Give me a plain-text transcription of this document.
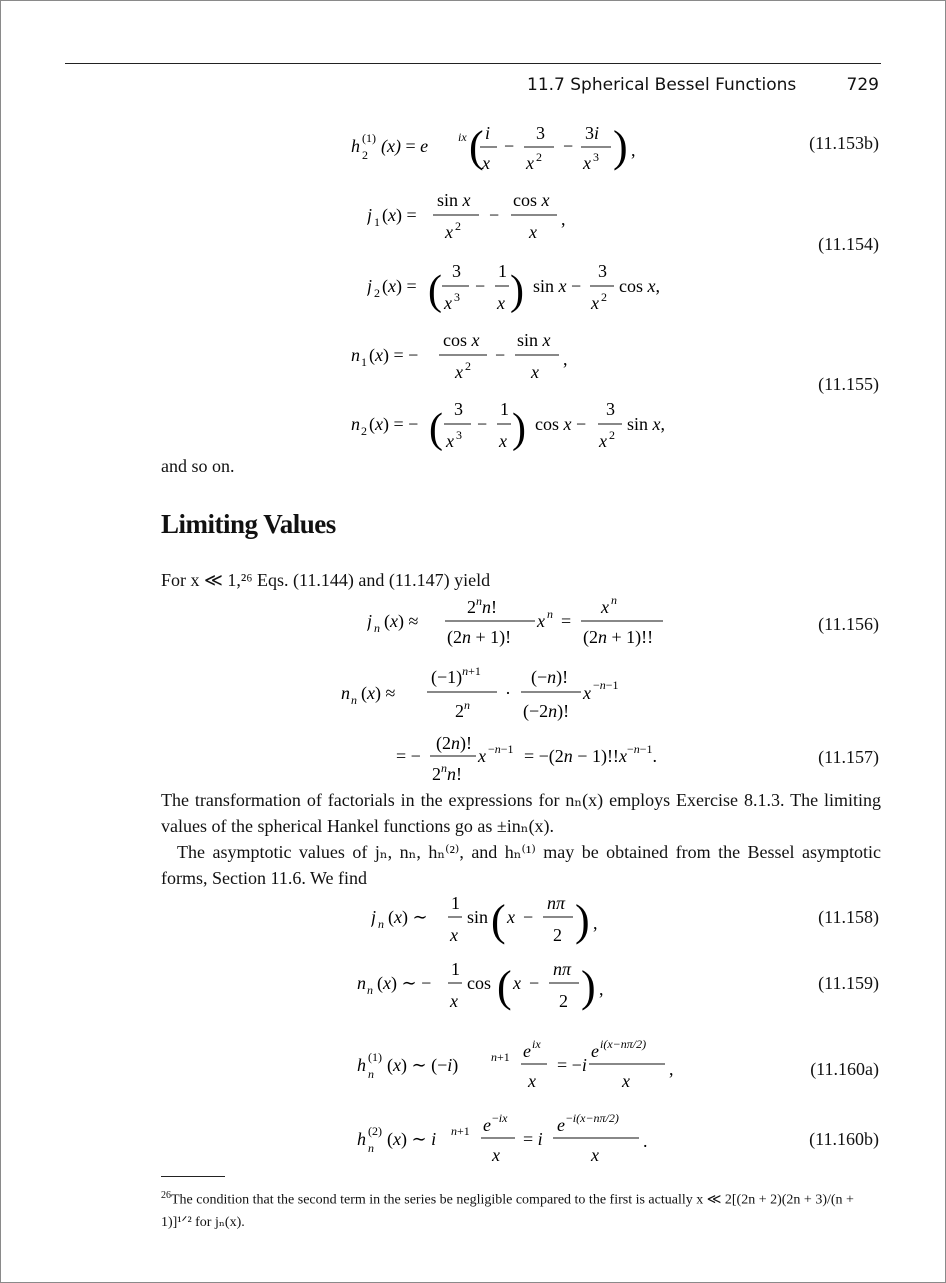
11.7 Spherical Bessel Functions	729
h (1)
2 (x) = e ix ( i
x
−
3
x 2
−
3i
x 3 ) ,	(11.153b)
j 1 (x) =
sin x
x 2
−
cos x
x
,
(11.154)
j 2 (x) = ( 3
x 3
−
1
x ) sin x −
3
x 2
cos x,
n 1 (x) = −
cos x
x 2
−
sin x
x
,
(11.155)
n 2 (x) = − ( 3
x 3
−
1
x ) cos x −
3
x 2
sin x,
and so on.
Limiting Values
For x ≪ 1,²⁶ Eqs. (11.144) and (11.147) yield
j n (x) ≈
$2^nn$!
(2n + 1)!
x n =
x n
(2n + 1)!!
(11.156)
n n (x) ≈
$(-1)^{n+1}$
$2^n$
·
(−n)!
(−2n)!
x −n−1
= −
(2n)!
2$^n$n!
$x -n-1 = -(2n - 1)!!x^{-n-1}$.	(11.157)
The transformation of factorials in the expressions for nₙ(x) employs Exercise 8.1.3. The limiting values of the spherical Hankel functions go as ±inₙ(x).
The asymptotic values of jₙ, nₙ, hₙ⁽²⁾, and hₙ⁽¹⁾ may be obtained from the Bessel asymptotic forms, Section 11.6. We find
j n (x) ∼
1
x
sin ( x −
nπ
2 ) ,	(11.158)
n n (x) ∼ −
1
x
cos ( x −
nπ
2 ) ,	(11.159)
h (1)
n (x) ∼ (−i)	n+1 e ix
x
= −i
e i(x−nπ/2)
x
,	(11.160a)
h (2)
n (x) ∼ i n+1 e −ix
x
= i
e −i(x−nπ/2)
x
.	(11.160b)
$^{26}$The condition that the second term in the series be negligible compared to the first is actually x ≪ 2[(2n + 2)(2n + 3)/(n + 1)]¹ᐟ² for jₙ(x).
